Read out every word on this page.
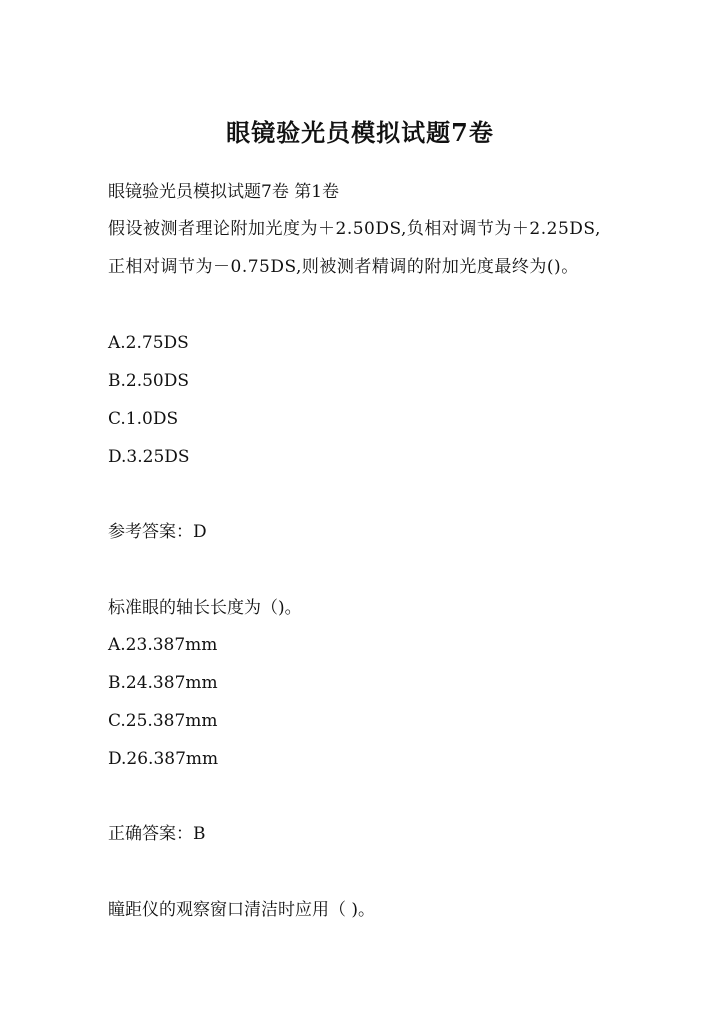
眼镜验光员模拟试题7卷
眼镜验光员模拟试题7卷 第1卷
假设被测者理论附加光度为＋2.50DS,负相对调节为＋2.25DS,正相对调节为－0.75DS,则被测者精调的附加光度最终为()。
A.2.75DS
B.2.50DS
C.1.0DS
D.3.25DS
参考答案：D
标准眼的轴长长度为（)。
A.23.387mm
B.24.387mm
C.25.387mm
D.26.387mm
正确答案：B
瞳距仪的观察窗口清洁时应用（ )。
